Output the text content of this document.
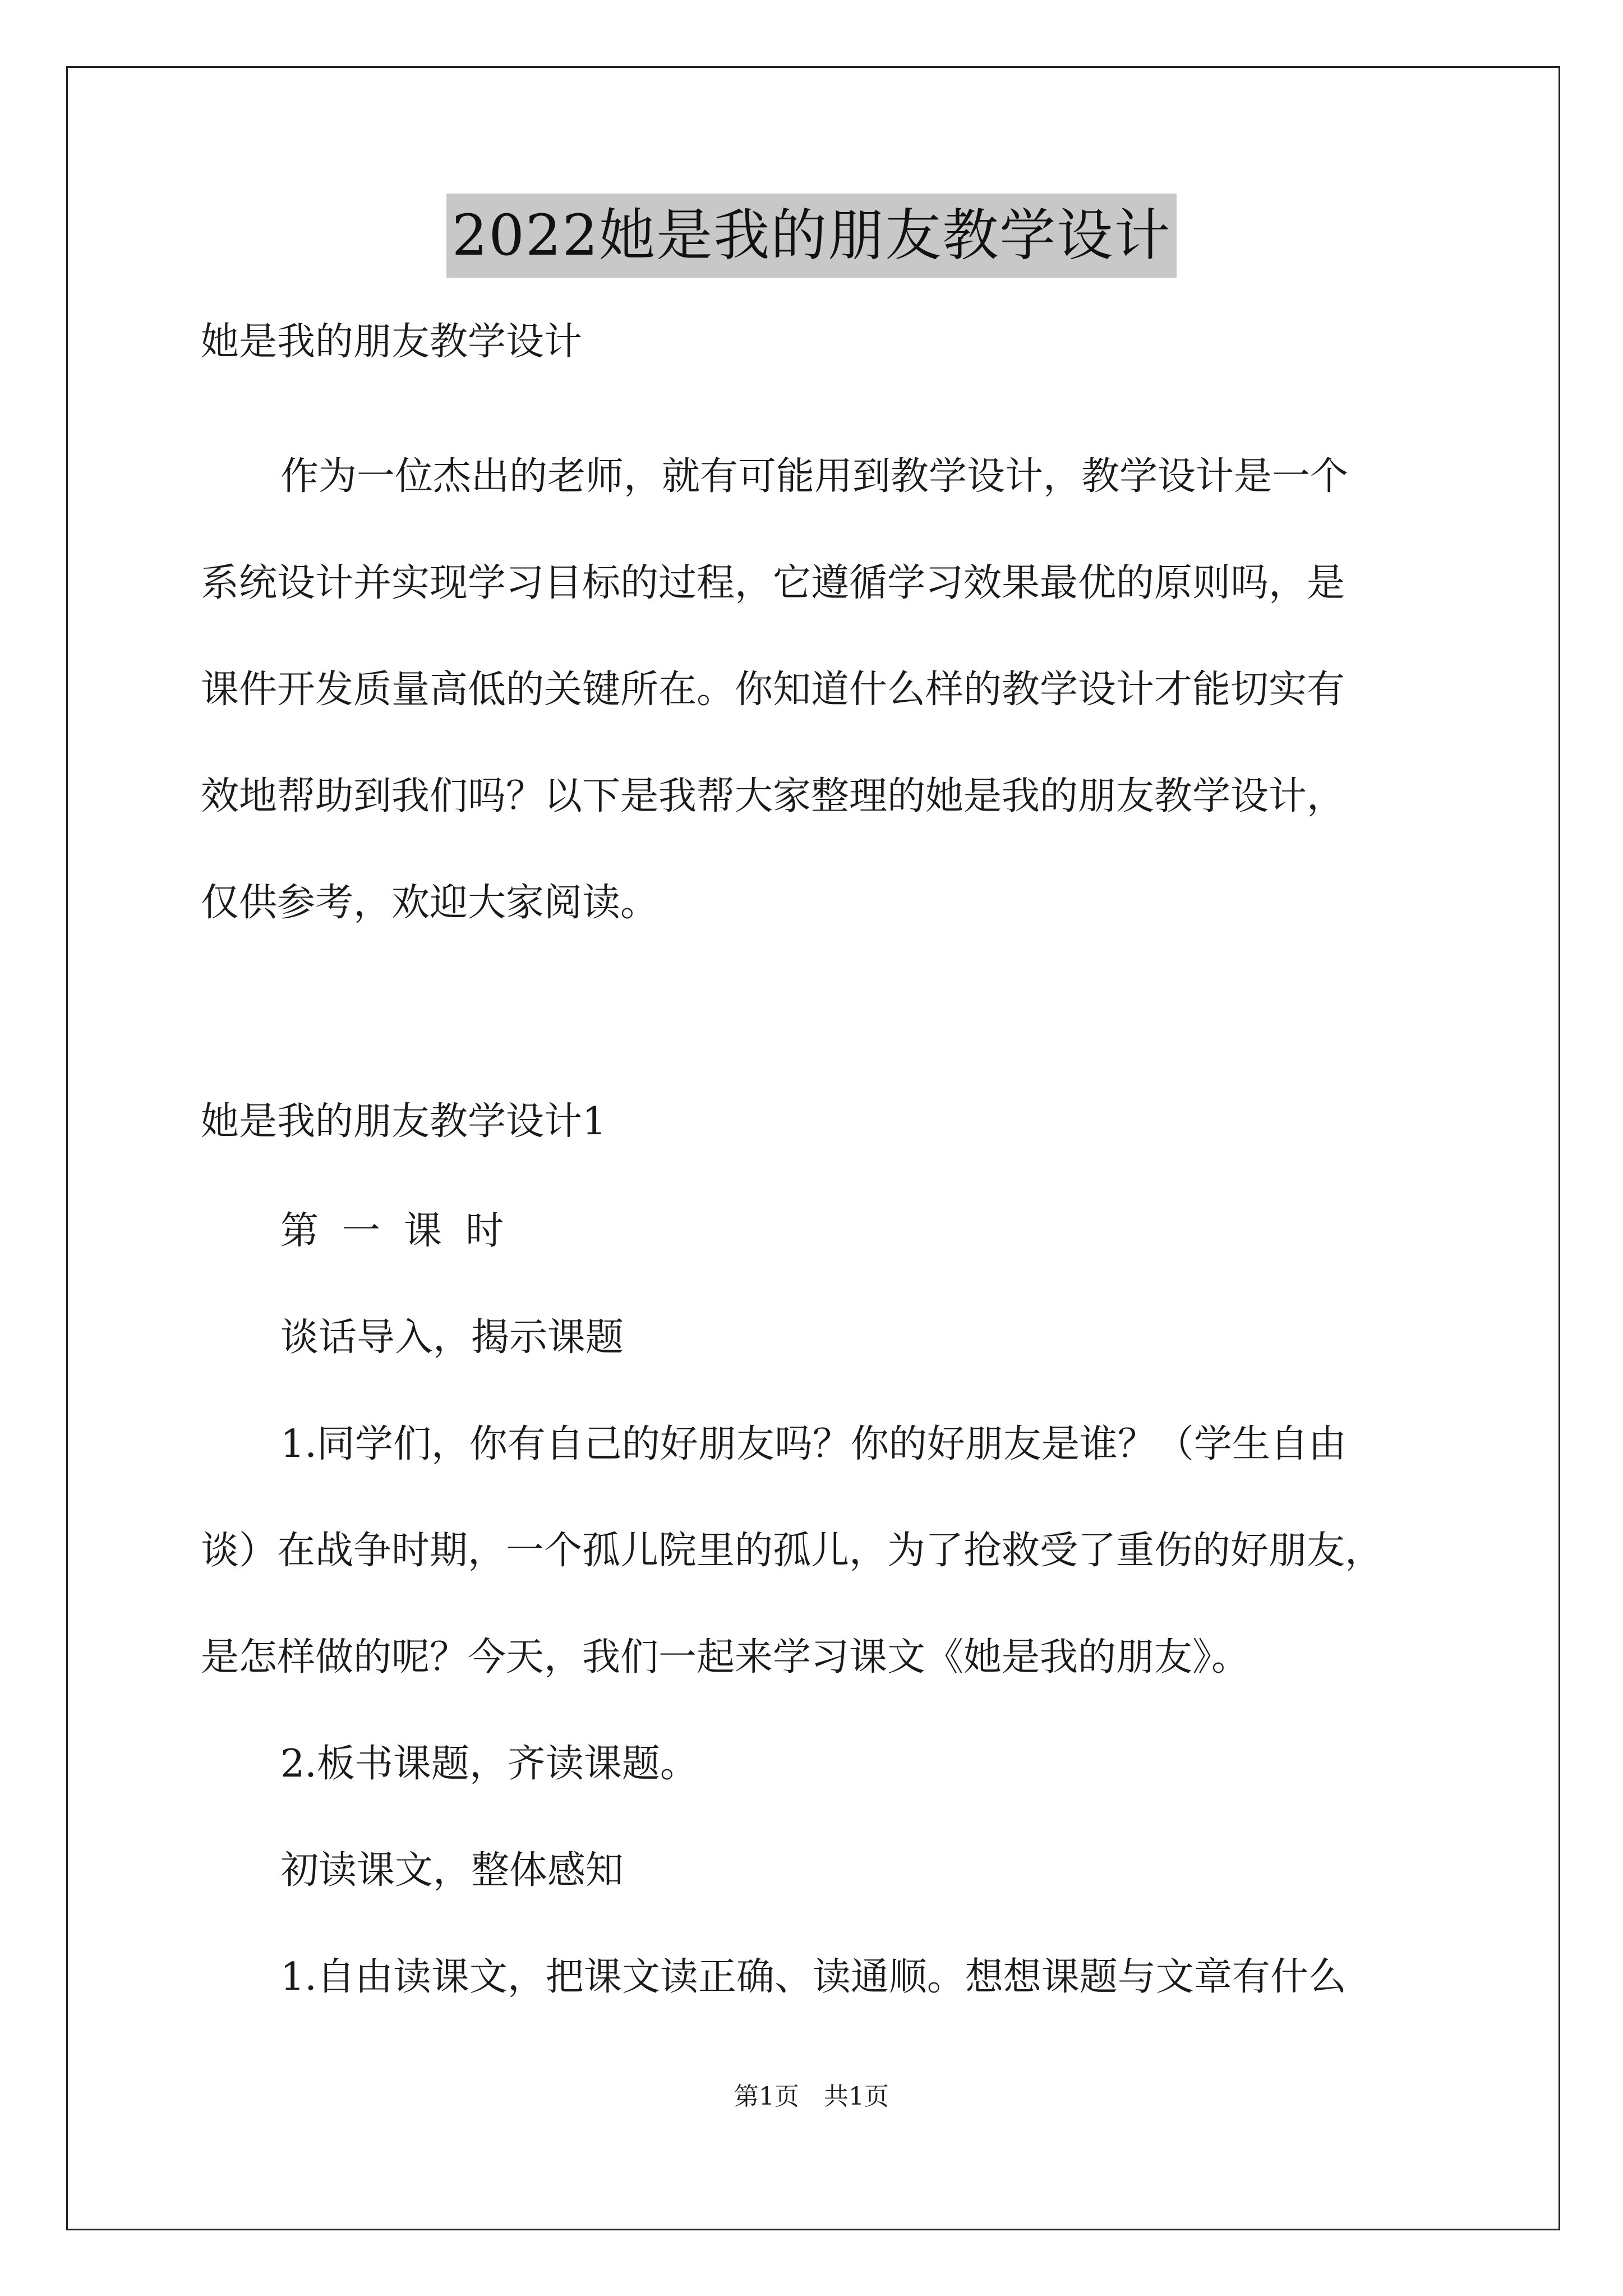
2022她是我的朋友教学设计
她是我的朋友教学设计
作为一位杰出的老师，就有可能用到教学设计，教学设计是一个
系统设计并实现学习目标的过程，它遵循学习效果最优的原则吗，是
课件开发质量高低的关键所在。你知道什么样的教学设计才能切实有
效地帮助到我们吗？以下是我帮大家整理的她是我的朋友教学设计，
仅供参考，欢迎大家阅读。
她是我的朋友教学设计1
第一课时
谈话导入，揭示课题
1.同学们，你有自己的好朋友吗？你的好朋友是谁？（学生自由
谈）在战争时期，一个孤儿院里的孤儿，为了抢救受了重伤的好朋友，
是怎样做的呢？今天，我们一起来学习课文《她是我的朋友》。
2.板书课题，齐读课题。
初读课文，整体感知
1.自由读课文，把课文读正确、读通顺。想想课题与文章有什么
第1页　共1页
